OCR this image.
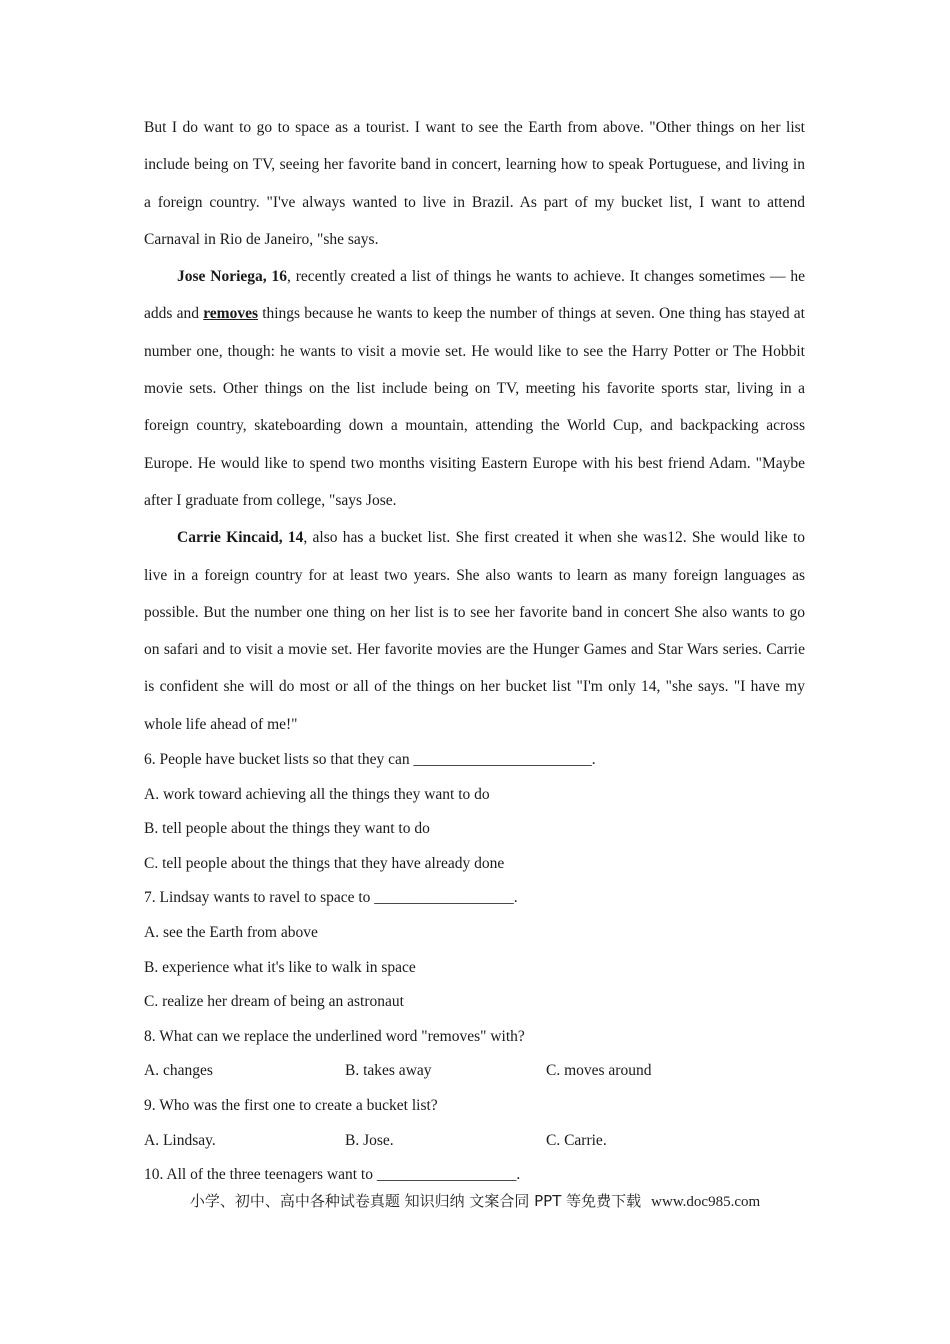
But I do want to go to space as a tourist. I want to see the Earth from above. "Other things on her list include being on TV, seeing her favorite band in concert, learning how to speak Portuguese, and living in a foreign country. "I've always wanted to live in Brazil. As part of my bucket list, I want to attend Carnaval in Rio de Janeiro, "she says.

Jose Noriega, 16, recently created a list of things he wants to achieve. It changes sometimes — he adds and removes things because he wants to keep the number of things at seven. One thing has stayed at number one, though: he wants to visit a movie set. He would like to see the Harry Potter or The Hobbit movie sets. Other things on the list include being on TV, meeting his favorite sports star, living in a foreign country, skateboarding down a mountain, attending the World Cup, and backpacking across Europe. He would like to spend two months visiting Eastern Europe with his best friend Adam. "Maybe after I graduate from college, "says Jose.

Carrie Kincaid, 14, also has a bucket list. She first created it when she was12. She would like to live in a foreign country for at least two years. She also wants to learn as many foreign languages as possible. But the number one thing on her list is to see her favorite band in concert She also wants to go on safari and to visit a movie set. Her favorite movies are the Hunger Games and Star Wars series. Carrie is confident she will do most or all of the things on her bucket list "I'm only 14, "she says. "I have my whole life ahead of me!"

6. People have bucket lists so that they can _______________________.

A. work toward achieving all the things they want to do

B. tell people about the things they want to do

C. tell people about the things that they have already done

7. Lindsay wants to ravel to space to __________________.

A. see the Earth from above

B. experience what it's like to walk in space

C. realize her dream of being an astronaut

8. What can we replace the underlined word "removes" with?

A. changes	B. takes away	C. moves around

9. Who was the first one to create a bucket list?

A. Lindsay.	B. Jose.	C. Carrie.

10. All of the three teenagers want to __________________.

小学、初中、高中各种试卷真题 知识归纳 文案合同 PPT 等免费下载 www.doc985.com
